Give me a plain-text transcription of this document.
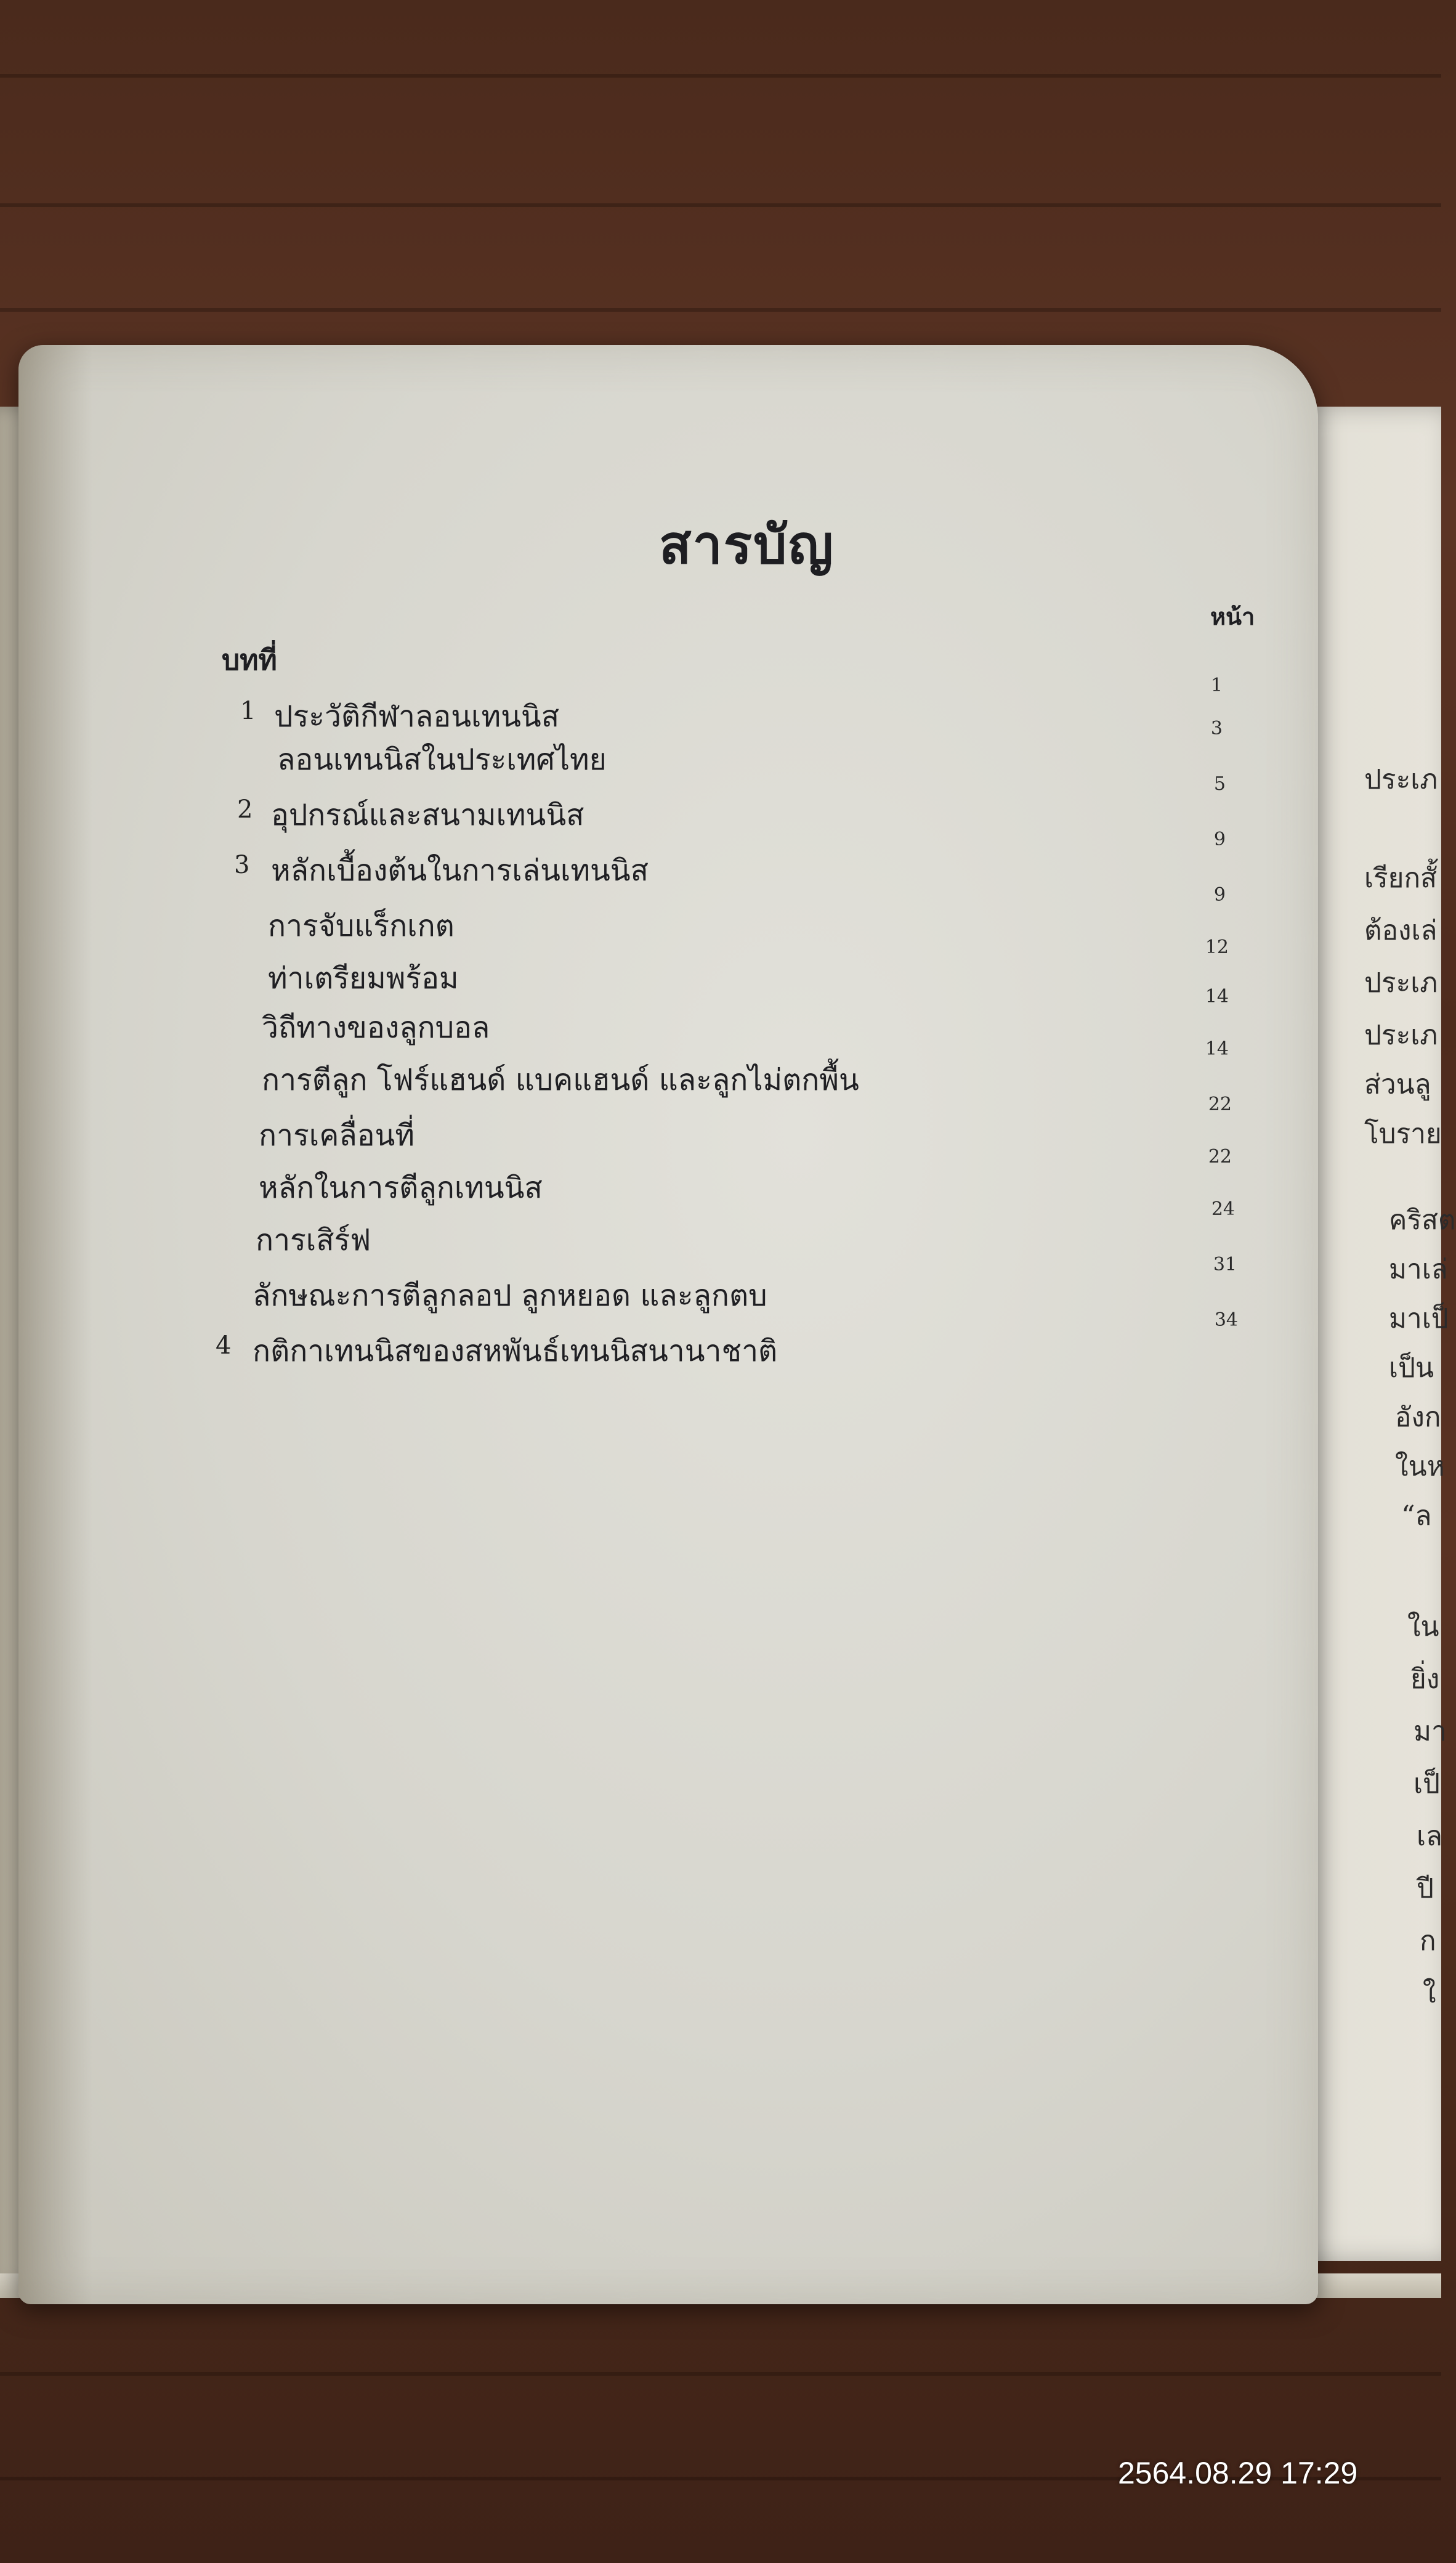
ประเภ
เรียกสั้
ต้องเล่
ประเภ
ประเภ
ส่วนลู
โบราย
คริสต
มาเล่
มาเป็
เป็น
อังก
ในห
“ล
ใน
ยิ่ง
มา
เป็
เล
ปี
ก
ใ
สารบัญ
บทที่
หน้า
1 ประวัติกีฬาลอนเทนนิส
1
ลอนเทนนิสในประเทศไทย
3
2 อุปกรณ์และสนามเทนนิส
5
3 หลักเบื้องต้นในการเล่นเทนนิส
9
การจับแร็กเกต
9
ท่าเตรียมพร้อม
12
วิถีทางของลูกบอล
14
การตีลูก โฟร์แฮนด์ แบคแฮนด์ และลูกไม่ตกพื้น
14
การเคลื่อนที่
22
หลักในการตีลูกเทนนิส
22
การเสิร์ฟ
24
ลักษณะการตีลูกลอป ลูกหยอด และลูกตบ
31
4 กติกาเทนนิสของสหพันธ์เทนนิสนานาชาติ
34
2564.08.29 17:29
